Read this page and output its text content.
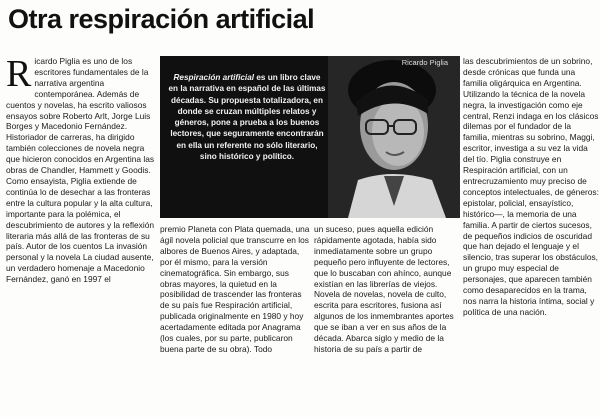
Otra respiración artificial
R icardo Piglia es uno de los escritores fundamentales de la narrativa argentina contemporánea. Además de cuentos y novelas, ha escrito valiosos ensayos sobre Roberto Arlt, Jorge Luis Borges y Macedonio Fernández. Historiador de carreras, ha dirigido también colecciones de novela negra que hicieron conocidos en Argentina las obras de Chandler, Hammett y Goodis. Como ensayista, Piglia extiende de continúa lo de desechar a las fronteras entre la cultura popular y la alta cultura, importante para la polémica, el descubrimiento de autores y la reflexión literaria más allá de las fronteras de su país. Autor de los cuentos La invasión personal y la novela La ciudad ausente, un verdadero homenaje a Macedonio Fernández, ganó en 1997 el

Respiración artificial es un libro clave en la narrativa en español de las últimas décadas. Su propuesta totalizadora, en donde se cruzan múltiples relatos y géneros, pone a prueba a los buenos lectores, que seguramente encontrarán en ella un referente no sólo literario, sino histórico y político.
Ricardo Piglia

premio Planeta con Plata quemada, una ágil novela policial que transcurre en los albores de Buenos Aires, y adaptada, por él mismo, para la versión cinematográfica. Sin embargo, sus obras mayores, la quietud en la posibilidad de trascender las fronteras de su país fue Respiración artificial, publicada originalmente en 1980 y hoy acertadamente editada por Anagrama (los cuales, por su parte, publicaron buena parte de su obra). Todo

un suceso, pues aquella edición rápidamente agotada, había sido inmediatamente sobre un grupo pequeño pero influyente de lectores, que lo buscaban con ahínco, aunque existían en las librerías de viejos. Novela de novelas, novela de culto, escrita para escritores, fusiona así algunos de los inmembrantes aportes que se iban a ver en sus años de la década. Abarca siglo y medio de la historia de su país a partir de

las descubrimientos de un sobrino, desde crónicas que funda una familia oligárquica en Argentina. Utilizando la técnica de la novela negra, la investigación como eje central, Renzi indaga en los clásicos dilemas por el fundador de la familia, mientras su sobrino, Maggi, escritor, investiga a su vez la vida del tío. Piglia construye en Respiración artificial, con un entrecruzamiento muy preciso de conceptos intelectuales, de géneros: epistolar, policial, ensayístico, histórico—, la memoria de una familia. A partir de ciertos sucesos, de pequeños indicios de oscuridad que han dejado el lenguaje y el silencio, tras superar los obstáculos, un grupo muy especial de personajes, que aparecen también como desaparecidos en la trama, nos narra la historia íntima, social y política de una nación.
